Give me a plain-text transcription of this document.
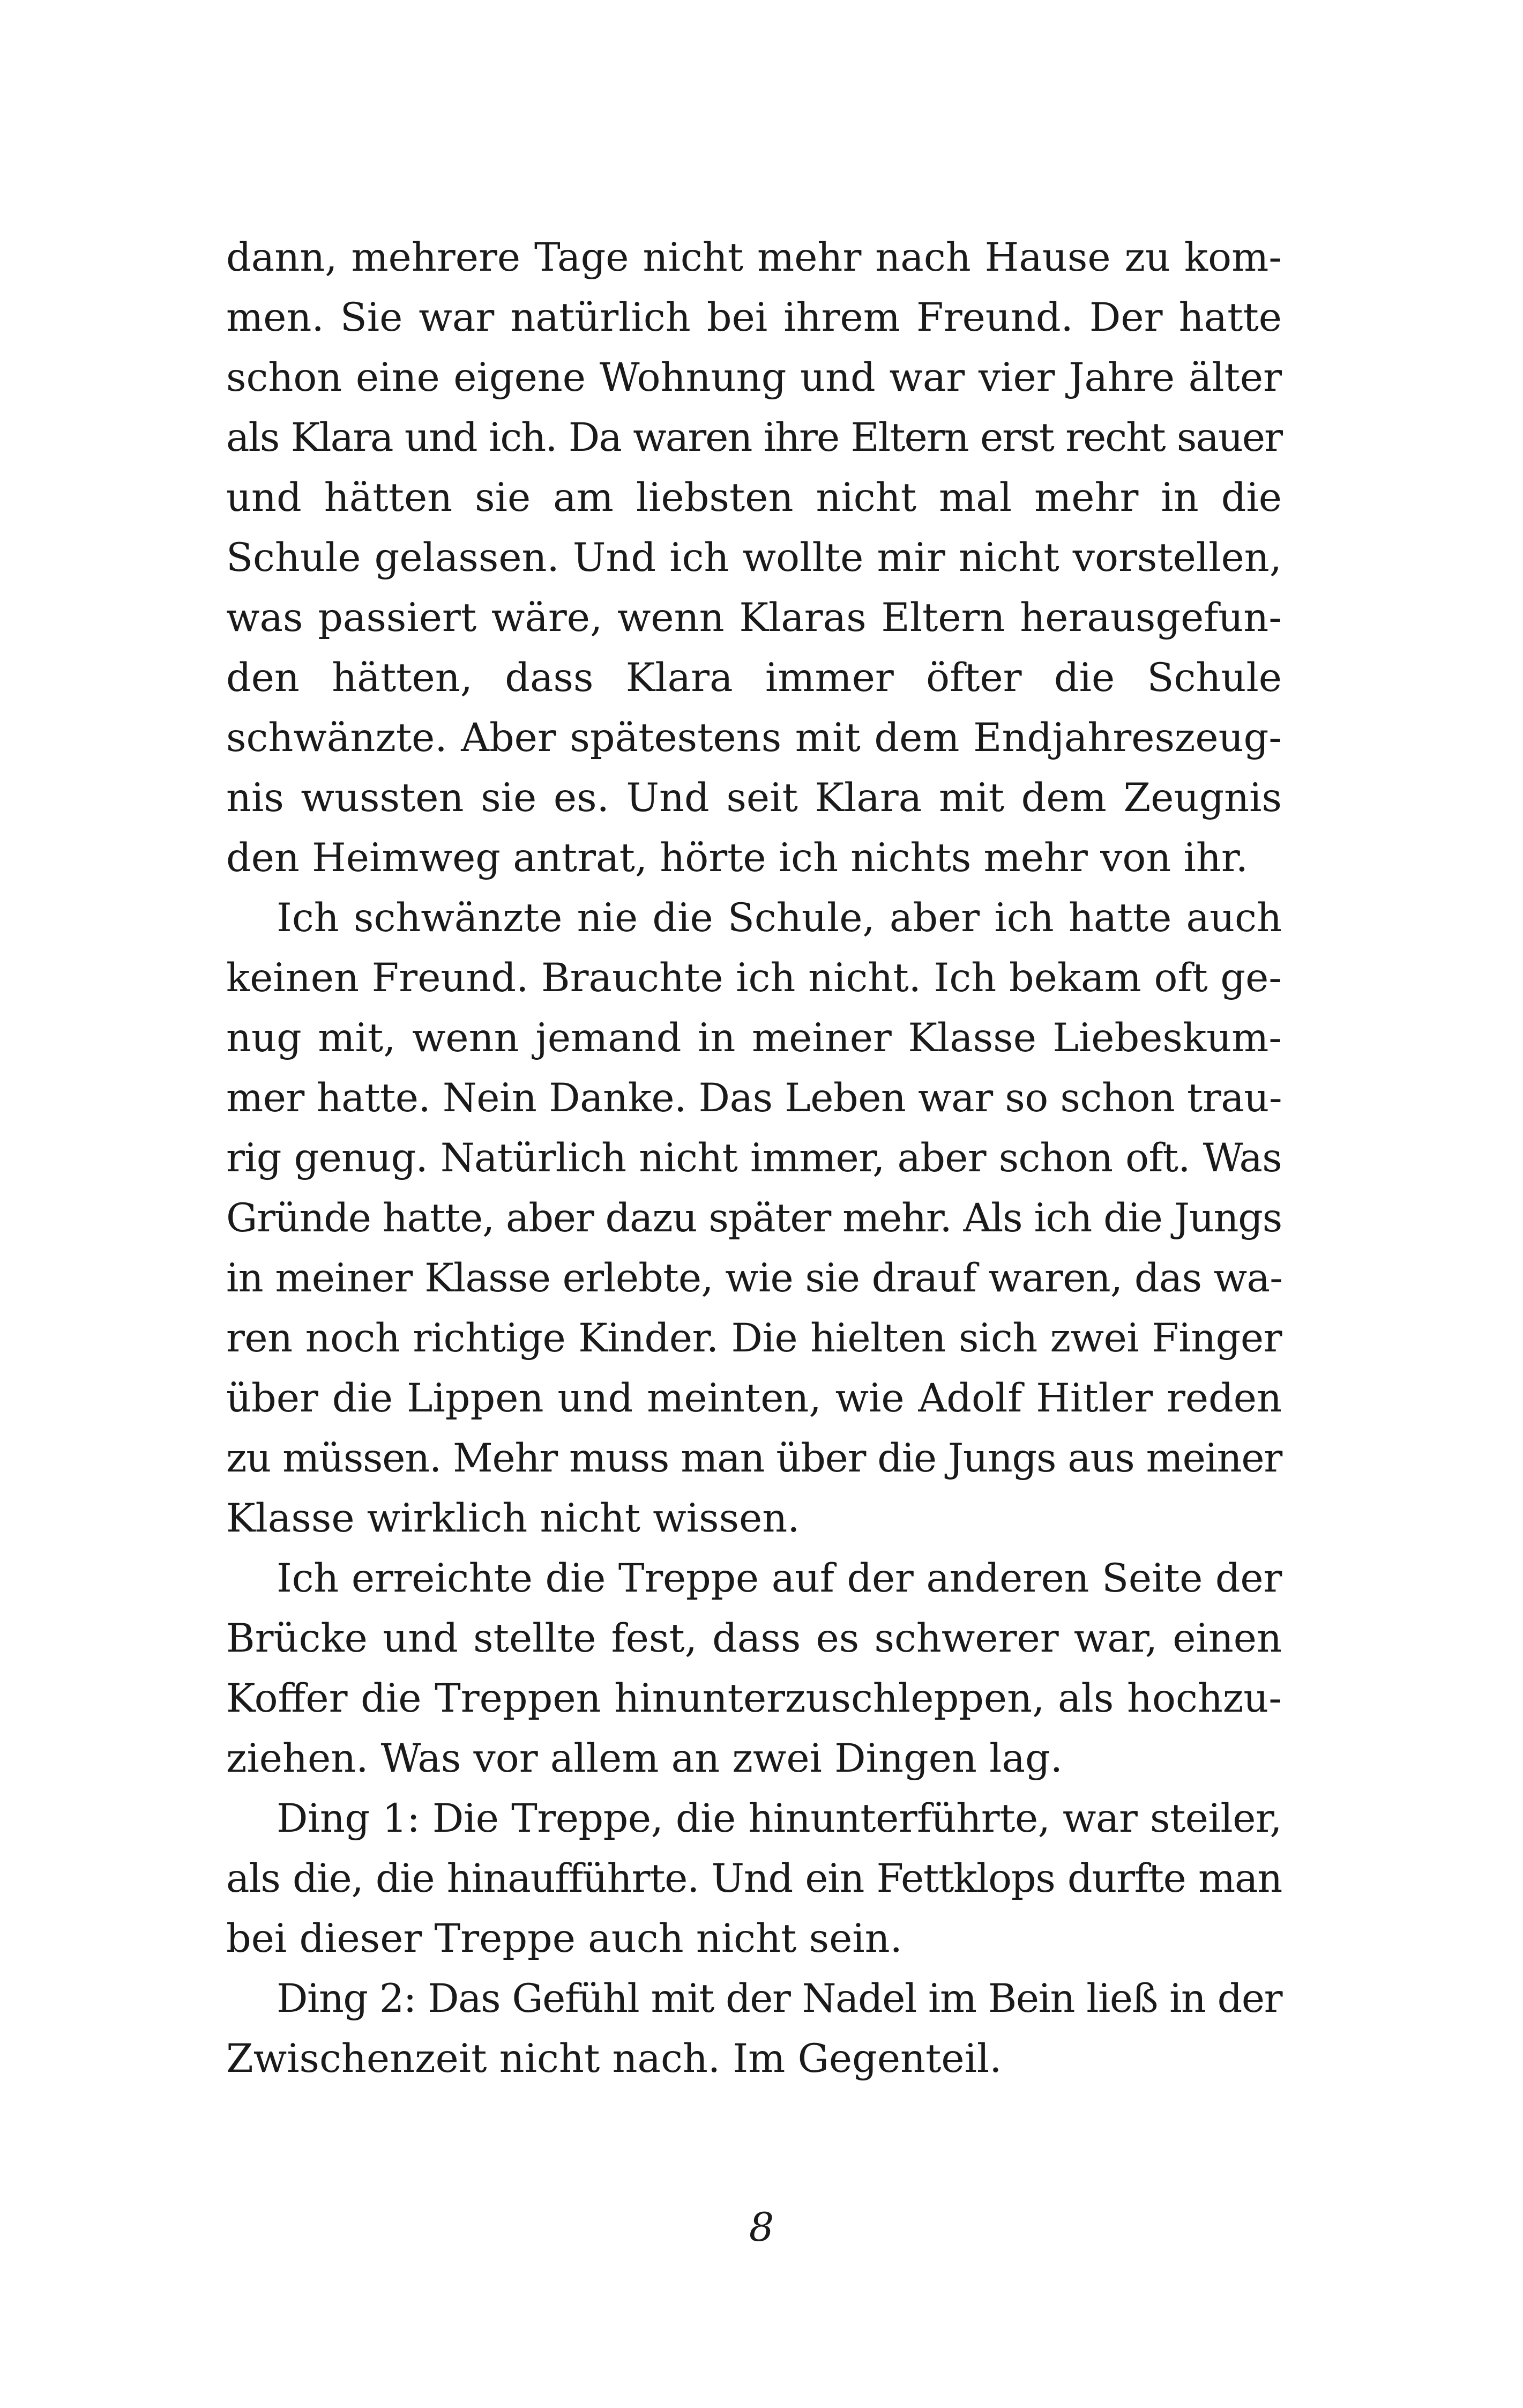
dann, mehrere Tage nicht mehr nach Hause zu kom-
men. Sie war natürlich bei ihrem Freund. Der hatte
schon eine eigene Wohnung und war vier Jahre älter
als Klara und ich. Da waren ihre Eltern erst recht sauer
und hätten sie am liebsten nicht mal mehr in die
Schule gelassen. Und ich wollte mir nicht vorstellen,
was passiert wäre, wenn Klaras Eltern herausgefun-
den hätten, dass Klara immer öfter die Schule
schwänzte. Aber spätestens mit dem Endjahreszeug-
nis wussten sie es. Und seit Klara mit dem Zeugnis
den Heimweg antrat, hörte ich nichts mehr von ihr.
Ich schwänzte nie die Schule, aber ich hatte auch
keinen Freund. Brauchte ich nicht. Ich bekam oft ge-
nug mit, wenn jemand in meiner Klasse Liebeskum-
mer hatte. Nein Danke. Das Leben war so schon trau-
rig genug. Natürlich nicht immer, aber schon oft. Was
Gründe hatte, aber dazu später mehr. Als ich die Jungs
in meiner Klasse erlebte, wie sie drauf waren, das wa-
ren noch richtige Kinder. Die hielten sich zwei Finger
über die Lippen und meinten, wie Adolf Hitler reden
zu müssen. Mehr muss man über die Jungs aus meiner
Klasse wirklich nicht wissen.
Ich erreichte die Treppe auf der anderen Seite der
Brücke und stellte fest, dass es schwerer war, einen
Koffer die Treppen hinunterzuschleppen, als hochzu-
ziehen. Was vor allem an zwei Dingen lag.
Ding 1: Die Treppe, die hinunterführte, war steiler,
als die, die hinaufführte. Und ein Fettklops durfte man
bei dieser Treppe auch nicht sein.
Ding 2: Das Gefühl mit der Nadel im Bein ließ in der
Zwischenzeit nicht nach. Im Gegenteil.
8
